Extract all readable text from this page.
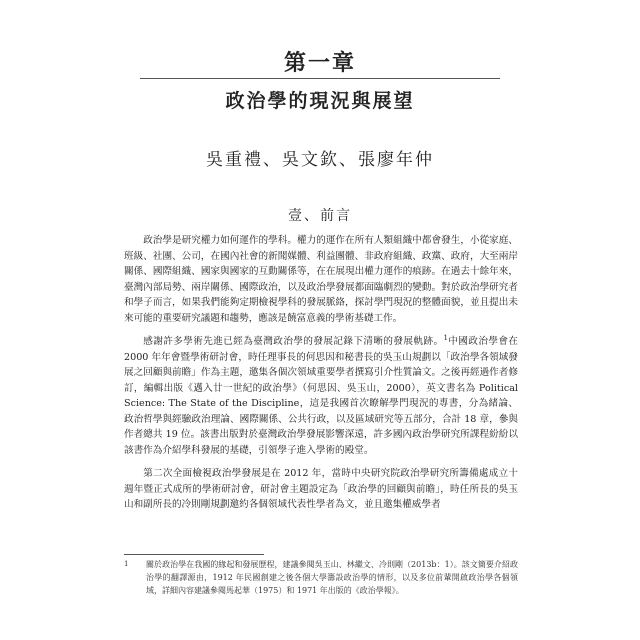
第一章
政治學的現況與展望
吳重禮、吳文欽、張廖年仲
壹、前言

政治學是研究權力如何運作的學科。權力的運作在所有人類組織中都會發生，小從家庭、班級、社團、公司，在國內社會的新聞媒體、利益團體、非政府組織、政黨、政府，大至兩岸關係、國際組織、國家與國家的互動關係等，在在展現出權力運作的痕跡。在過去十餘年來，臺灣內部局勢、兩岸關係、國際政治，以及政治學發展都面臨劇烈的變動。對於政治學研究者和學子而言，如果我們能夠定期檢視學科的發展脈絡，探討學門現況的整體面貌，並且提出未來可能的重要研究議題和趨勢，應該是饒富意義的學術基礎工作。

感謝許多學術先進已經為臺灣政治學的發展記錄下清晰的發展軌跡。$^1$中國政治學會在 2000 年年會暨學術研討會，時任理事長的何思因和秘書長的吳玉山規劃以「政治學各領域發展之回顧與前瞻」作為主題，邀集各個次領域重要學者撰寫引介性質論文。之後再經過作者修訂，編輯出版《邁入廿一世紀的政治學》（何思因、吳玉山，2000），英文書名為 Political Science: The State of the Discipline，這是我國首次瞭解學門現況的專書，分為緒論、政治哲學與經驗政治理論、國際關係、公共行政，以及區域研究等五部分，合計 18 章，參與作者總共 19 位。該書出版對於臺灣政治學發展影響深遠，許多國內政治學研究所課程紛紛以該書作為介紹學科發展的基礎，引領學子進入學術的殿堂。

第二次全面檢視政治學發展是在 2012 年，當時中央研究院政治學研究所籌備處成立十週年暨正式成所的學術研討會，研討會主題設定為「政治學的回顧與前瞻」，時任所長的吳玉山和副所長的冷則剛規劃邀約各個領域代表性學者為文，並且邀集權威學者

1	關於政治學在我國的緣起和發展歷程，建議參閱吳玉山、林繼文、冷則剛（2013b：1）。該文簡要介紹政治學的翻譯源由，1912 年民國創建之後各個大學籌設政治學的情形，以及多位前輩開啟政治學各個領域，詳細內容建議參閱馬起華（1975）和 1971 年出版的《政治學報》。
